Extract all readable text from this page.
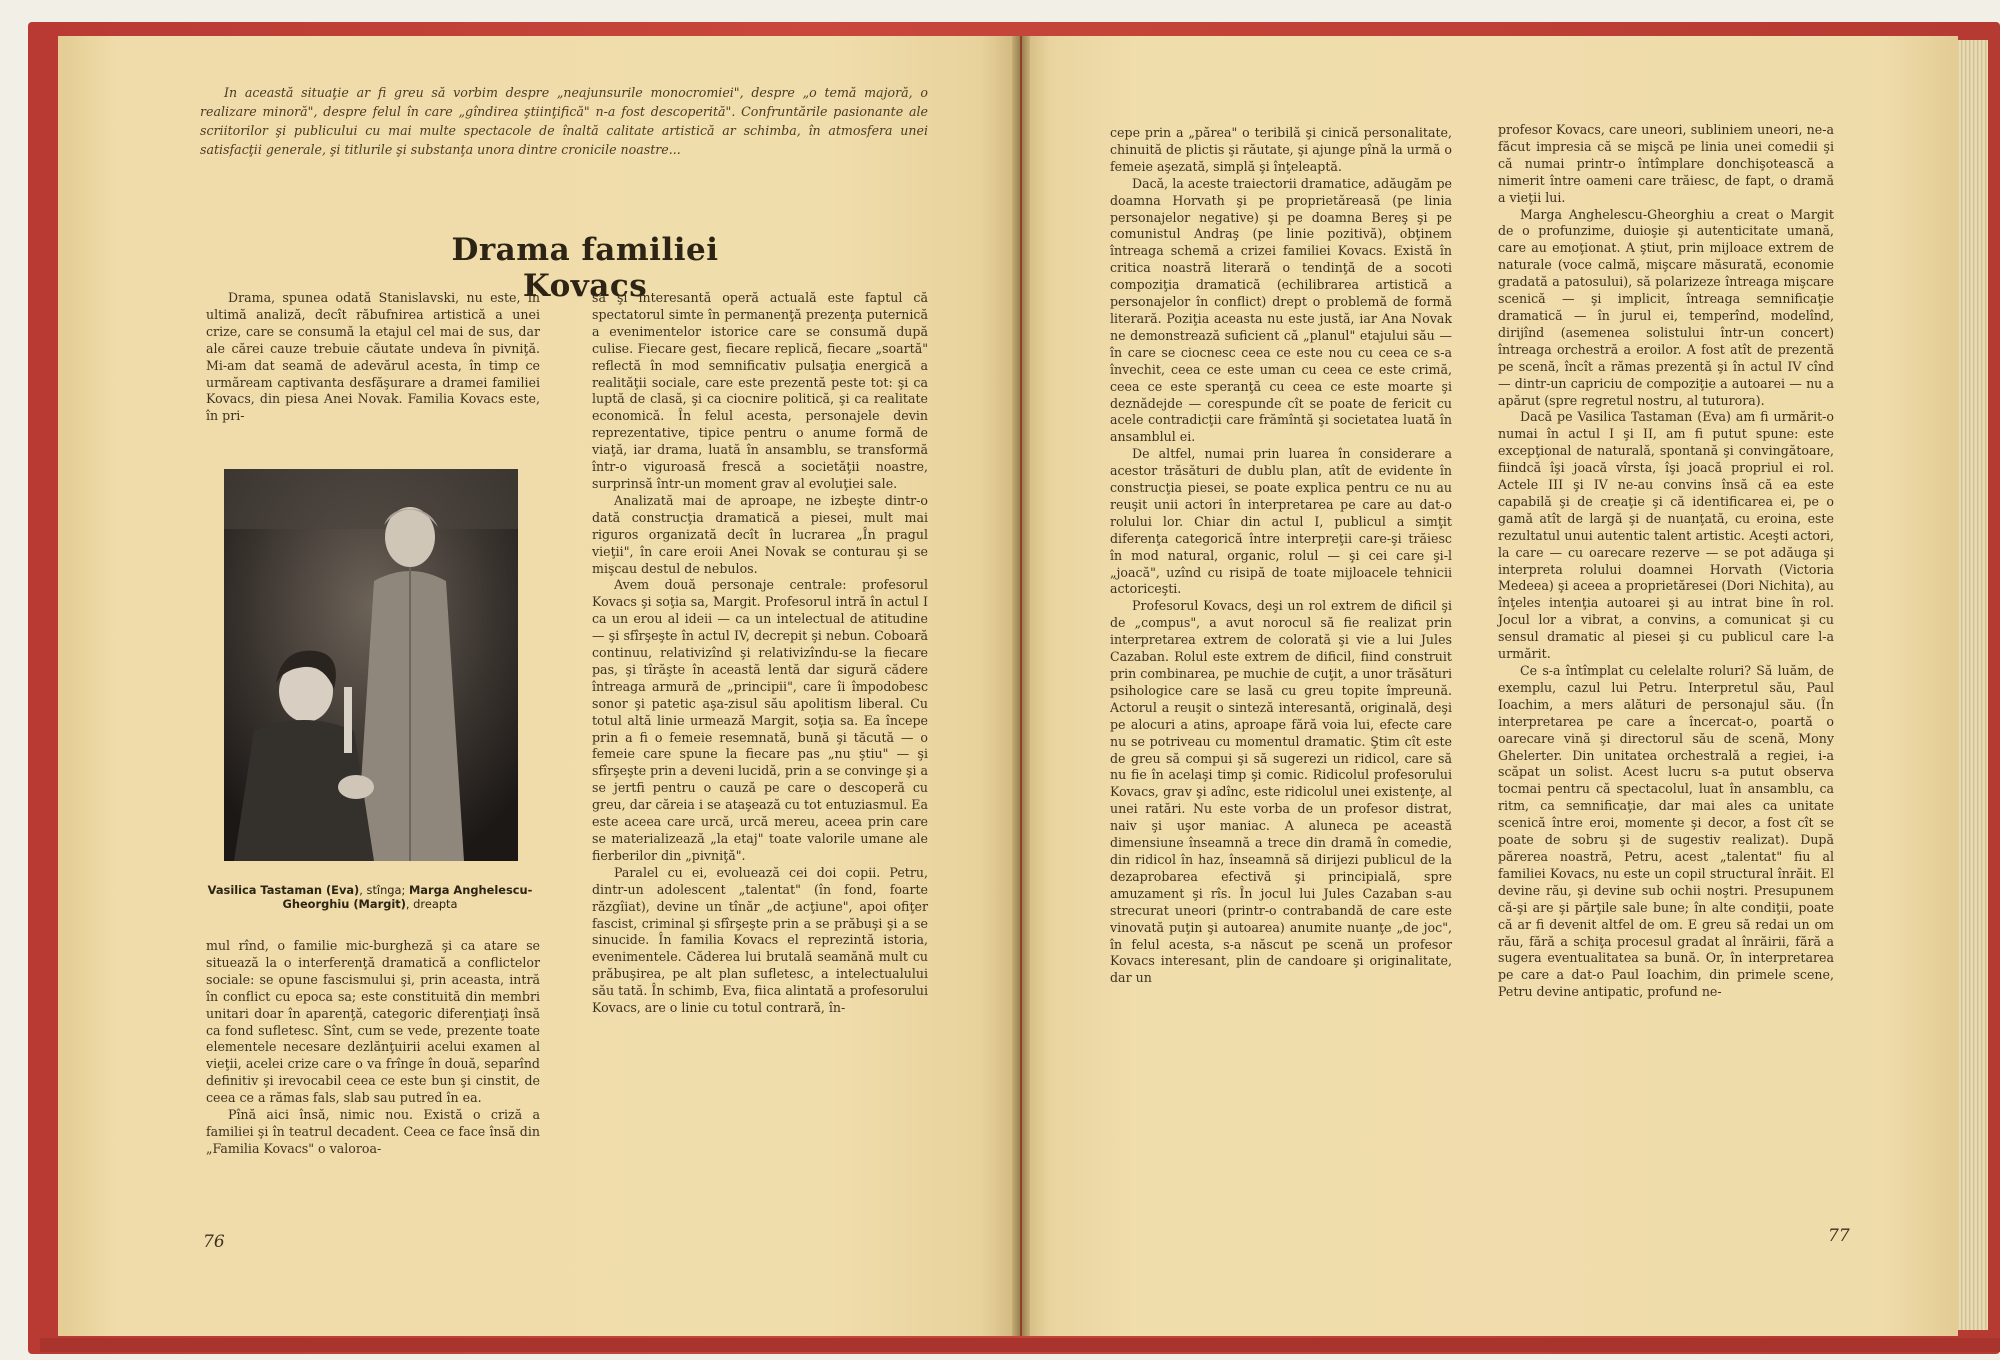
In această situaţie ar fi greu să vorbim despre „neajunsurile monocromiei", despre „o temă majoră, o realizare minoră", despre felul în care „gîndirea ştiinţifică" n-a fost descoperită". Confruntările pasionante ale scriitorilor şi publicului cu mai multe spectacole de înaltă calitate artistică ar schimba, în atmosfera unei satisfacţii generale, şi titlurile şi substanţa unora dintre cronicile noastre...

Drama familiei Kovacs

Drama, spunea odată Stanislavski, nu este, în ultimă analiză, decît răbufnirea artistică a unei crize, care se consumă la etajul cel mai de sus, dar ale cărei cauze trebuie căutate undeva în pivniţă. Mi-am dat seamă de adevărul acesta, în timp ce urmăream captivanta desfăşurare a dramei familiei Kovacs, din piesa Anei Novak. Familia Kovacs este, în pri-

Vasilica Tastaman (Eva), stînga; Marga Anghelescu-Gheorghiu (Margit), dreapta

mul rînd, o familie mic-burgheză şi ca atare se situează la o interferenţă dramatică a conflictelor sociale: se opune fascismului şi, prin aceasta, intră în conflict cu epoca sa; este constituită din membri unitari doar în aparenţă, categoric diferenţiaţi însă ca fond sufletesc. Sînt, cum se vede, prezente toate elementele necesare dezlănţuirii acelui examen al vieţii, acelei crize care o va frînge în două, separînd definitiv şi irevocabil ceea ce este bun şi cinstit, de ceea ce a rămas fals, slab sau putred în ea.

Pînă aici însă, nimic nou. Există o criză a familiei şi în teatrul decadent. Ceea ce face însă din „Familia Kovacs" o valoroa-

să şi interesantă operă actuală este faptul că spectatorul simte în permanenţă prezenţa puternică a evenimentelor istorice care se consumă după culise. Fiecare gest, fiecare replică, fiecare „soartă" reflectă în mod semnificativ pulsaţia energică a realităţii sociale, care este prezentă peste tot: şi ca luptă de clasă, şi ca ciocnire politică, şi ca realitate economică. În felul acesta, personajele devin reprezentative, tipice pentru o anume formă de viaţă, iar drama, luată în ansamblu, se transformă într-o viguroasă frescă a societăţii noastre, surprinsă într-un moment grav al evoluţiei sale.

Analizată mai de aproape, ne izbeşte dintr-o dată construcţia dramatică a piesei, mult mai riguros organizată decît în lucrarea „În pragul vieţii", în care eroii Anei Novak se conturau şi se mişcau destul de nebulos.

Avem două personaje centrale: profesorul Kovacs şi soţia sa, Margit. Profesorul intră în actul I ca un erou al ideii — ca un intelectual de atitudine — şi sfîrşeşte în actul IV, decrepit şi nebun. Coboară continuu, relativizînd şi relativizîndu-se la fiecare pas, şi tîrăşte în această lentă dar sigură cădere întreaga armură de „principii", care îi împodobesc sonor şi patetic aşa-zisul său apolitism liberal. Cu totul altă linie urmează Margit, soţia sa. Ea începe prin a fi o femeie resemnată, bună şi tăcută — o femeie care spune la fiecare pas „nu ştiu" — şi sfîrşeşte prin a deveni lucidă, prin a se convinge şi a se jertfi pentru o cauză pe care o descoperă cu greu, dar căreia i se ataşează cu tot entuziasmul. Ea este aceea care urcă, urcă mereu, aceea prin care se materializează „la etaj" toate valorile umane ale fierberilor din „pivniţă".

Paralel cu ei, evoluează cei doi copii. Petru, dintr-un adolescent „talentat" (în fond, foarte răzgîiat), devine un tînăr „de acţiune", apoi ofiţer fascist, criminal şi sfîrşeşte prin a se prăbuşi şi a se sinucide. În familia Kovacs el reprezintă istoria, evenimentele. Căderea lui brutală seamănă mult cu prăbuşirea, pe alt plan sufletesc, a intelectualului său tată. În schimb, Eva, fiica alintată a profesorului Kovacs, are o linie cu totul contrară, în-

76

cepe prin a „părea" o teribilă şi cinică personalitate, chinuită de plictis şi răutate, şi ajunge pînă la urmă o femeie aşezată, simplă şi înţeleaptă.

Dacă, la aceste traiectorii dramatice, adăugăm pe doamna Horvath şi pe proprietăreasă (pe linia personajelor negative) şi pe doamna Bereş şi pe comunistul Andraş (pe linie pozitivă), obţinem întreaga schemă a crizei familiei Kovacs. Există în critica noastră literară o tendinţă de a socoti compoziţia dramatică (echilibrarea artistică a personajelor în conflict) drept o problemă de formă literară. Poziţia aceasta nu este justă, iar Ana Novak ne demonstrează suficient că „planul" etajului său — în care se ciocnesc ceea ce este nou cu ceea ce s-a învechit, ceea ce este uman cu ceea ce este crimă, ceea ce este speranţă cu ceea ce este moarte şi deznădejde — corespunde cît se poate de fericit cu acele contradicţii care frămîntă şi societatea luată în ansamblul ei.

De altfel, numai prin luarea în considerare a acestor trăsături de dublu plan, atît de evidente în construcţia piesei, se poate explica pentru ce nu au reuşit unii actori în interpretarea pe care au dat-o rolului lor. Chiar din actul I, publicul a simţit diferenţa categorică între interpreţii care-şi trăiesc în mod natural, organic, rolul — şi cei care şi-l „joacă", uzînd cu risipă de toate mijloacele tehnicii actoriceşti.

Profesorul Kovacs, deşi un rol extrem de dificil şi de „compus", a avut norocul să fie realizat prin interpretarea extrem de colorată şi vie a lui Jules Cazaban. Rolul este extrem de dificil, fiind construit prin combinarea, pe muchie de cuţit, a unor trăsături psihologice care se lasă cu greu topite împreună. Actorul a reuşit o sinteză interesantă, originală, deşi pe alocuri a atins, aproape fără voia lui, efecte care nu se potriveau cu momentul dramatic. Ştim cît este de greu să compui şi să sugerezi un ridicol, care să nu fie în acelaşi timp şi comic. Ridicolul profesorului Kovacs, grav şi adînc, este ridicolul unei existenţe, al unei ratări. Nu este vorba de un profesor distrat, naiv şi uşor maniac. A aluneca pe această dimensiune înseamnă a trece din dramă în comedie, din ridicol în haz, înseamnă să dirijezi publicul de la dezaprobarea efectivă şi principială, spre amuzament şi rîs. În jocul lui Jules Cazaban s-au strecurat uneori (printr-o contrabandă de care este vinovată puţin şi autoarea) anumite nuanţe „de joc", în felul acesta, s-a născut pe scenă un profesor Kovacs interesant, plin de candoare şi originalitate, dar un

profesor Kovacs, care uneori, subliniem uneori, ne-a făcut impresia că se mişcă pe linia unei comedii şi că numai printr-o întîmplare donchişotească a nimerit între oameni care trăiesc, de fapt, o dramă a vieţii lui.

Marga Anghelescu-Gheorghiu a creat o Margit de o profunzime, duioşie şi autenticitate umană, care au emoţionat. A ştiut, prin mijloace extrem de naturale (voce calmă, mişcare măsurată, economie gradată a patosului), să polarizeze întreaga mişcare scenică — şi implicit, întreaga semnificaţie dramatică — în jurul ei, temperînd, modelînd, dirijînd (asemenea solistului într-un concert) întreaga orchestră a eroilor. A fost atît de prezentă pe scenă, încît a rămas prezentă şi în actul IV cînd — dintr-un capriciu de compoziţie a autoarei — nu a apărut (spre regretul nostru, al tuturora).

Dacă pe Vasilica Tastaman (Eva) am fi urmărit-o numai în actul I şi II, am fi putut spune: este excepţional de naturală, spontană şi convingătoare, fiindcă îşi joacă vîrsta, îşi joacă propriul ei rol. Actele III şi IV ne-au convins însă că ea este capabilă şi de creaţie şi că identificarea ei, pe o gamă atît de largă şi de nuanţată, cu eroina, este rezultatul unui autentic talent artistic. Aceşti actori, la care — cu oarecare rezerve — se pot adăuga şi interpreta rolului doamnei Horvath (Victoria Medeea) şi aceea a proprietăresei (Dori Nichita), au înţeles intenţia autoarei şi au intrat bine în rol. Jocul lor a vibrat, a convins, a comunicat şi cu sensul dramatic al piesei şi cu publicul care l-a urmărit.

Ce s-a întîmplat cu celelalte roluri? Să luăm, de exemplu, cazul lui Petru. Interpretul său, Paul Ioachim, a mers alături de personajul său. (În interpretarea pe care a încercat-o, poartă o oarecare vină şi directorul său de scenă, Mony Ghelerter. Din unitatea orchestrală a regiei, i-a scăpat un solist. Acest lucru s-a putut observa tocmai pentru că spectacolul, luat în ansamblu, ca ritm, ca semnificaţie, dar mai ales ca unitate scenică între eroi, momente şi decor, a fost cît se poate de sobru şi de sugestiv realizat). După părerea noastră, Petru, acest „talentat" fiu al familiei Kovacs, nu este un copil structural înrăit. El devine rău, şi devine sub ochii noştri. Presupunem că-şi are şi părţile sale bune; în alte condiţii, poate că ar fi devenit altfel de om. E greu să redai un om rău, fără a schiţa procesul gradat al înrăirii, fără a sugera eventualitatea sa bună. Or, în interpretarea pe care a dat-o Paul Ioachim, din primele scene, Petru devine antipatic, profund ne-

77
